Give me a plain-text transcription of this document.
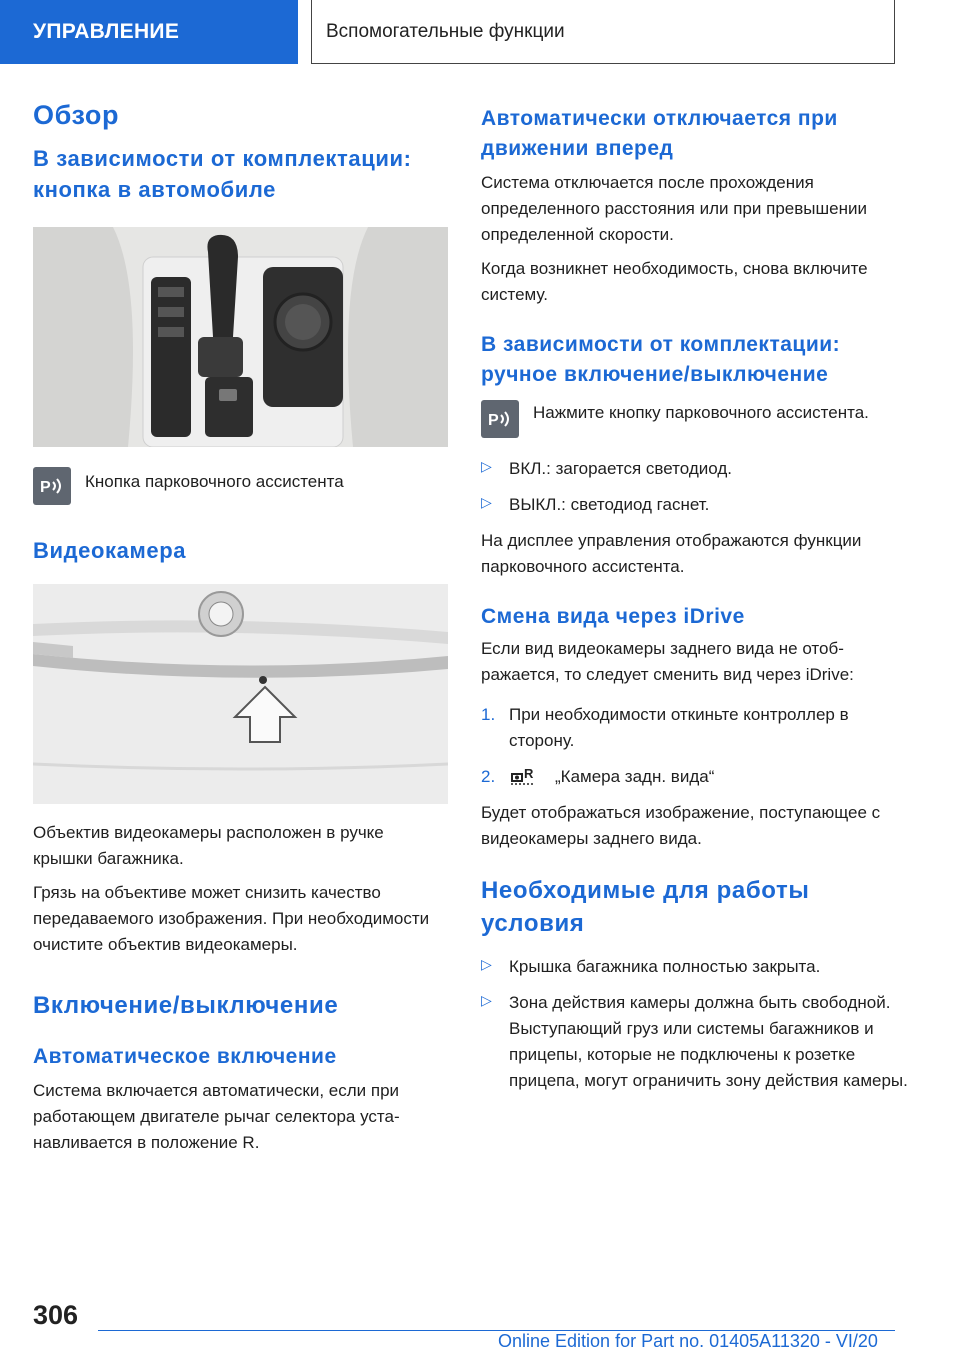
УПРАВЛЕНИЕ	Вспомогательные функции
Обзор
В зависимости от комплектации: кнопка в автомобиле
P Кнопка парковочного ассистента

Видеокамера

Объектив видеокамеры расположен в ручке крышки багажника.

Грязь на объективе может снизить качество передаваемого изображения. При необходимости очистите объектив видеокамеры.

Включение/выключение
Автоматическое включение

Система включается автоматически, если при работающем двигателе рычаг селектора устанавливается в положение R.

Автоматически отключается при движении вперед

Система отключается после прохождения определенного расстояния или при превышении определенной скорости.

Когда возникнет необходимость, снова включите систему.

В зависимости от комплектации: ручное включение/выключение
P Нажмите кнопку парковочного ассистента.

▷ ВКЛ.: загорается светодиод.

▷ ВЫКЛ.: светодиод гаснет.

На дисплее управления отображаются функции парковочного ассистента.

Смена вида через iDrive

Если вид видеокамеры заднего вида не отображается, то следует сменить вид через iDrive:

1. При необходимости откиньте контроллер в сторону.

2. R „Камера задн. вида“

Будет отображаться изображение, поступающее с видеокамеры заднего вида.

Необходимые для работы условия
▷ Крышка багажника полностью закрыта.

▷ Зона действия камеры должна быть свободной. Выступающий груз или системы багажников и прицепы, которые не подключены к розетке прицепа, могут ограничить зону действия камеры.

306
Online Edition for Part no. 01405A11320 - VI/20
